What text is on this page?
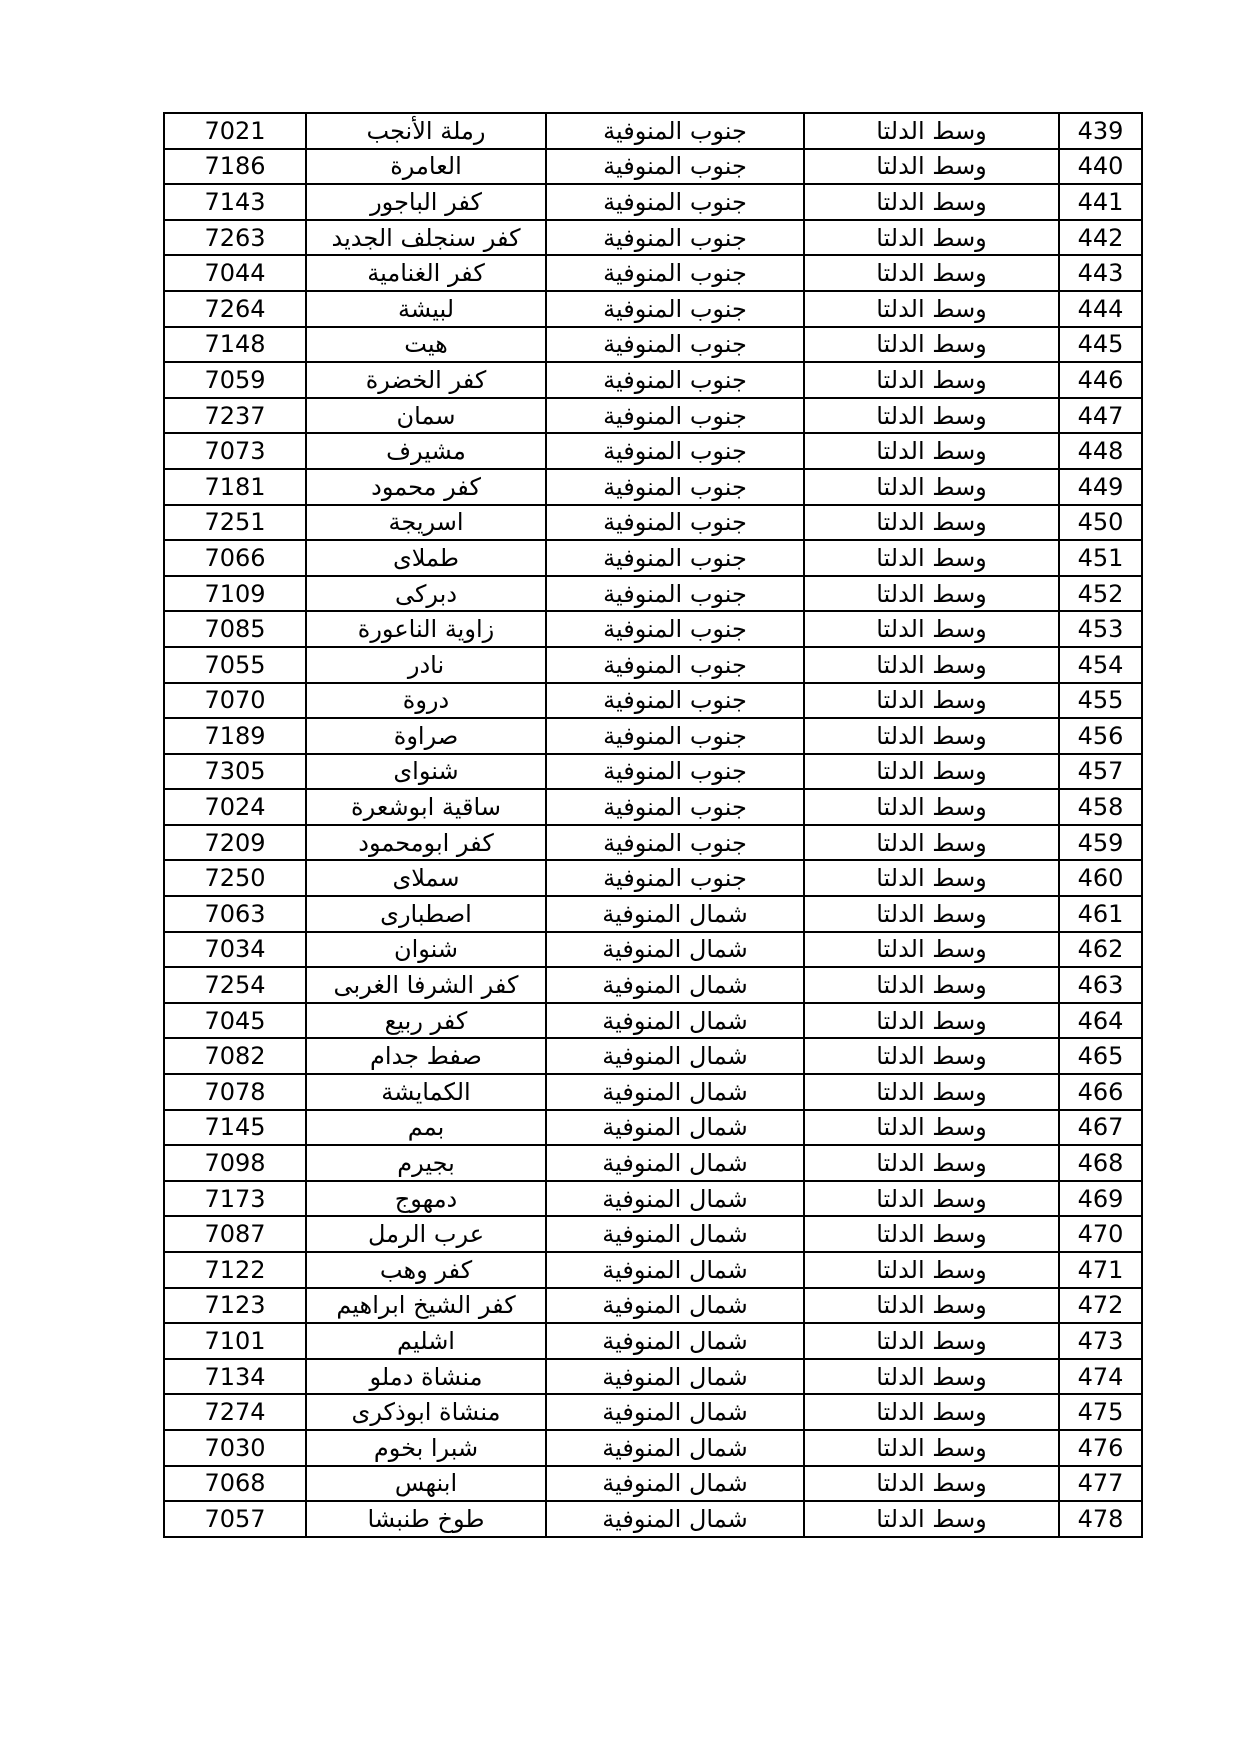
7021	رملة الأنجب	جنوب المنوفية	وسط الدلتا	439
7186	العامرة	جنوب المنوفية	وسط الدلتا	440
7143	كفر الباجور	جنوب المنوفية	وسط الدلتا	441
7263	كفر سنجلف الجديد	جنوب المنوفية	وسط الدلتا	442
7044	كفر الغنامية	جنوب المنوفية	وسط الدلتا	443
7264	لبيشة	جنوب المنوفية	وسط الدلتا	444
7148	هيت	جنوب المنوفية	وسط الدلتا	445
7059	كفر الخضرة	جنوب المنوفية	وسط الدلتا	446
7237	سمان	جنوب المنوفية	وسط الدلتا	447
7073	مشيرف	جنوب المنوفية	وسط الدلتا	448
7181	كفر محمود	جنوب المنوفية	وسط الدلتا	449
7251	اسريجة	جنوب المنوفية	وسط الدلتا	450
7066	طملاى	جنوب المنوفية	وسط الدلتا	451
7109	دبركى	جنوب المنوفية	وسط الدلتا	452
7085	زاوية الناعورة	جنوب المنوفية	وسط الدلتا	453
7055	نادر	جنوب المنوفية	وسط الدلتا	454
7070	دروة	جنوب المنوفية	وسط الدلتا	455
7189	صراوة	جنوب المنوفية	وسط الدلتا	456
7305	شنواى	جنوب المنوفية	وسط الدلتا	457
7024	ساقية ابوشعرة	جنوب المنوفية	وسط الدلتا	458
7209	كفر ابومحمود	جنوب المنوفية	وسط الدلتا	459
7250	سملاى	جنوب المنوفية	وسط الدلتا	460
7063	اصطبارى	شمال المنوفية	وسط الدلتا	461
7034	شنوان	شمال المنوفية	وسط الدلتا	462
7254	كفر الشرفا الغربى	شمال المنوفية	وسط الدلتا	463
7045	كفر ربيع	شمال المنوفية	وسط الدلتا	464
7082	صفط جدام	شمال المنوفية	وسط الدلتا	465
7078	الكمايشة	شمال المنوفية	وسط الدلتا	466
7145	بمم	شمال المنوفية	وسط الدلتا	467
7098	بجيرم	شمال المنوفية	وسط الدلتا	468
7173	دمهوج	شمال المنوفية	وسط الدلتا	469
7087	عرب الرمل	شمال المنوفية	وسط الدلتا	470
7122	كفر وهب	شمال المنوفية	وسط الدلتا	471
7123	كفر الشيخ ابراهيم	شمال المنوفية	وسط الدلتا	472
7101	اشليم	شمال المنوفية	وسط الدلتا	473
7134	منشاة دملو	شمال المنوفية	وسط الدلتا	474
7274	منشاة ابوذكرى	شمال المنوفية	وسط الدلتا	475
7030	شبرا بخوم	شمال المنوفية	وسط الدلتا	476
7068	ابنهس	شمال المنوفية	وسط الدلتا	477
7057	طوخ طنبشا	شمال المنوفية	وسط الدلتا	478
